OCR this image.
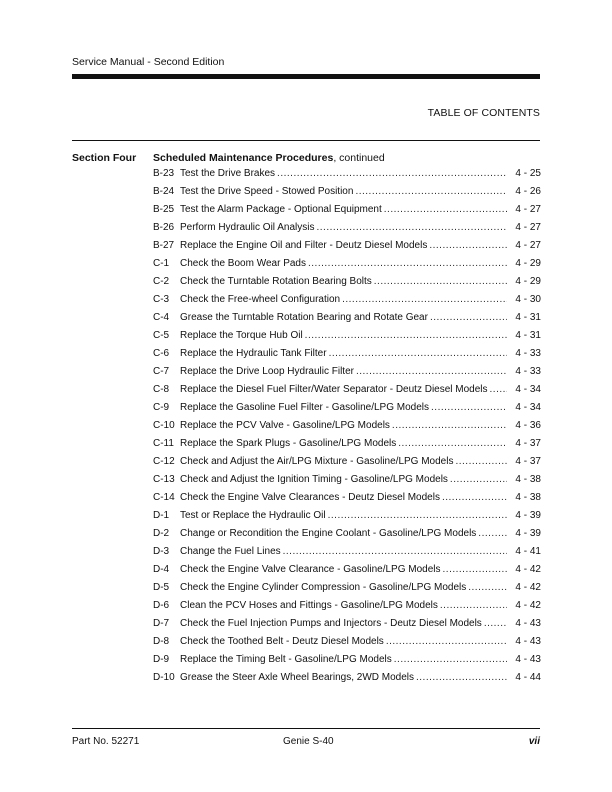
Service Manual - Second Edition
TABLE OF CONTENTS
Section Four Scheduled Maintenance Procedures, continued
B-23 Test the Drive Brakes .....	4 - 25
B-24 Test the Drive Speed - Stowed Position .....	4 - 26
B-25 Test the Alarm Package - Optional Equipment .....	4 - 27
B-26 Perform Hydraulic Oil Analysis .....	4 - 27
B-27 Replace the Engine Oil and Filter - Deutz Diesel Models .....	4 - 27
C-1	Check the Boom Wear Pads .....	4 - 29
C-2	Check the Turntable Rotation Bearing Bolts .....	4 - 29
C-3	Check the Free-wheel Configuration .....	4 - 30
C-4	Grease the Turntable Rotation Bearing and Rotate Gear .....	4 - 31
C-5	Replace the Torque Hub Oil .....	4 - 31
C-6	Replace the Hydraulic Tank Filter .....	4 - 33
C-7	Replace the Drive Loop Hydraulic Filter .....	4 - 33
C-8	Replace the Diesel Fuel Filter/Water Separator - Deutz Diesel Models .....	4 - 34
C-9	Replace the Gasoline Fuel Filter - Gasoline/LPG Models .....	4 - 34
C-10 Replace the PCV Valve - Gasoline/LPG Models .....	4 - 36
C-11 Replace the Spark Plugs - Gasoline/LPG Models .....	4 - 37
C-12 Check and Adjust the Air/LPG Mixture - Gasoline/LPG Models .....	4 - 37
C-13 Check and Adjust the Ignition Timing - Gasoline/LPG Models .....	4 - 38
C-14 Check the Engine Valve Clearances - Deutz Diesel Models .....	4 - 38
D-1	Test or Replace the Hydraulic Oil .....	4 - 39
D-2	Change or Recondition the Engine Coolant - Gasoline/LPG Models .....	4 - 39
D-3	Change the Fuel Lines .....	4 - 41
D-4	Check the Engine Valve Clearance - Gasoline/LPG Models .....	4 - 42
D-5	Check the Engine Cylinder Compression - Gasoline/LPG Models .....	4 - 42
D-6	Clean the PCV Hoses and Fittings - Gasoline/LPG Models .....	4 - 42
D-7	Check the Fuel Injection Pumps and Injectors - Deutz Diesel Models .....	4 - 43
D-8	Check the Toothed Belt - Deutz Diesel Models .....	4 - 43
D-9	Replace the Timing Belt - Gasoline/LPG Models .....	4 - 43
D-10 Grease the Steer Axle Wheel Bearings, 2WD Models .....	4 - 44
Part No. 52271	Genie S-40	vii
